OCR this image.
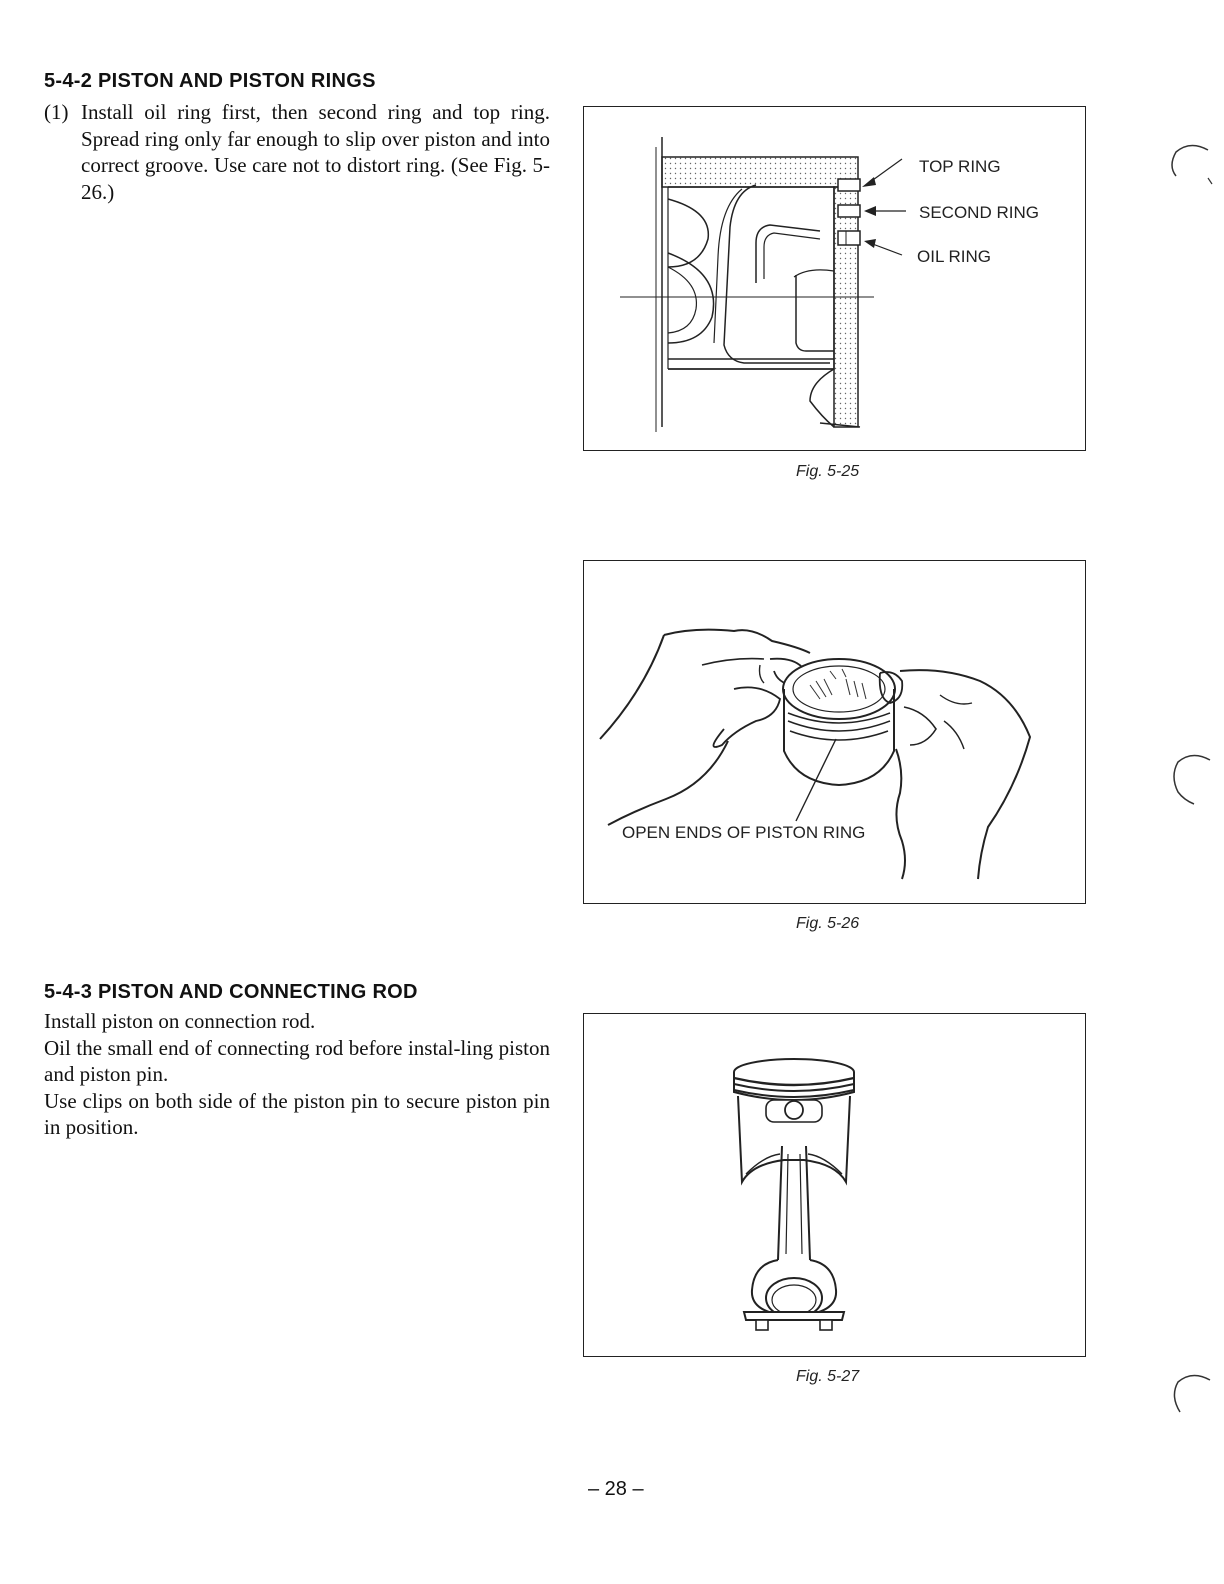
5-4-2 PISTON AND PISTON RINGS
(1) Install oil ring first, then second ring and top ring. Spread ring only far enough to slip over piston and into correct groove. Use care not to distort ring. (See Fig. 5-26.)
TOP RING
SECOND RING
OIL RING
Fig. 5-25
OPEN ENDS OF PISTON RING
Fig. 5-26
5-4-3 PISTON AND CONNECTING ROD
Install piston on connection rod.
Oil the small end of connecting rod before instal-ling piston and piston pin.
Use clips on both side of the piston pin to secure piston pin in position.
Fig. 5-27
– 28 –
